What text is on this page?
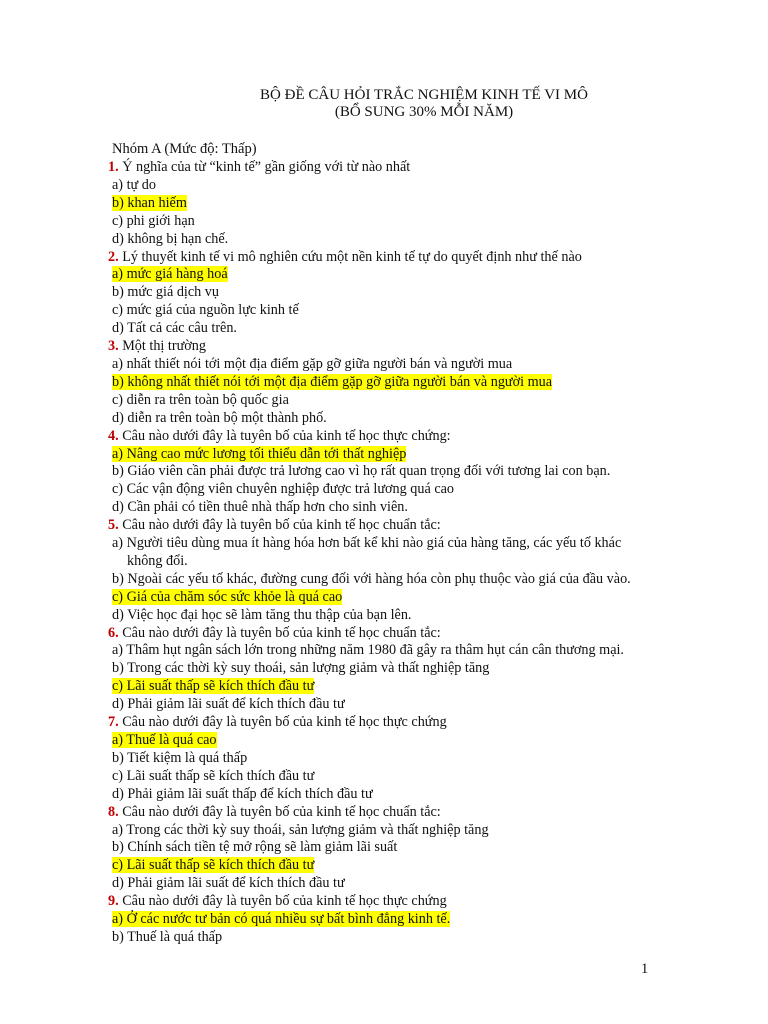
BỘ ĐỀ CÂU HỎI TRẮC NGHIỆM KINH TẾ VI MÔ
(BỔ SUNG 30% MỖI NĂM)
Nhóm A (Mức độ: Thấp)
1. Ý nghĩa của từ “kinh tế” gần giống với từ nào nhất
a) tự do
b) khan hiếm
c) phi giới hạn
d) không bị hạn chế.
2. Lý thuyết kinh tế vi mô nghiên cứu một nền kinh tế tự do quyết định như thế nào
a) mức giá hàng hoá
b) mức giá dịch vụ
c) mức giá của nguồn lực kinh tế
d) Tất cả các câu trên.
3. Một thị trường
a) nhất thiết nói tới một địa điểm gặp gỡ giữa người bán và người mua
b) không nhất thiết nói tới một địa điểm gặp gỡ giữa người bán và người mua
c) diễn ra trên toàn bộ quốc gia
d) diễn ra trên toàn bộ một thành phố.
4. Câu nào dưới đây là tuyên bố của kinh tế học thực chứng:
a) Nâng cao mức lương tối thiểu dẫn tới thất nghiệp
b) Giáo viên cần phải được trả lương cao vì họ rất quan trọng đối với tương lai con bạn.
c) Các vận động viên chuyên nghiệp được trả lương quá cao
d) Cần phải có tiền thuê nhà thấp hơn cho sinh viên.
5. Câu nào dưới đây là tuyên bố của kinh tế học chuẩn tắc:
a) Người tiêu dùng mua ít hàng hóa hơn bất kể khi nào giá của hàng tăng, các yếu tố khác
không đổi.
b) Ngoài các yếu tố khác, đường cung đối với hàng hóa còn phụ thuộc vào giá của đầu vào.
c) Giá của chăm sóc sức khỏe là quá cao
d) Việc học đại học sẽ làm tăng thu thập của bạn lên.
6. Câu nào dưới đây là tuyên bố của kinh tế học chuẩn tắc:
a) Thâm hụt ngân sách lớn trong những năm 1980 đã gây ra thâm hụt cán cân thương mại.
b) Trong các thời kỳ suy thoái, sản lượng giảm và thất nghiệp tăng
c) Lãi suất thấp sẽ kích thích đầu tư
d) Phải giảm lãi suất để kích thích đầu tư
7. Câu nào dưới đây là tuyên bố của kinh tế học thực chứng
a) Thuế là quá cao
b) Tiết kiệm là quá thấp
c) Lãi suất thấp sẽ kích thích đầu tư
d) Phải giảm lãi suất thấp để kích thích đầu tư
8. Câu nào dưới đây là tuyên bố của kinh tế học chuẩn tắc:
a) Trong các thời kỳ suy thoái, sản lượng giảm và thất nghiệp tăng
b) Chính sách tiền tệ mở rộng sẽ làm giảm lãi suất
c) Lãi suất thấp sẽ kích thích đầu tư
d) Phải giảm lãi suất để kích thích đầu tư
9. Câu nào dưới đây là tuyên bố của kinh tế học thực chứng
a) Ở các nước tư bản có quá nhiều sự bất bình đẳng kinh tế.
b) Thuế là quá thấp
1
